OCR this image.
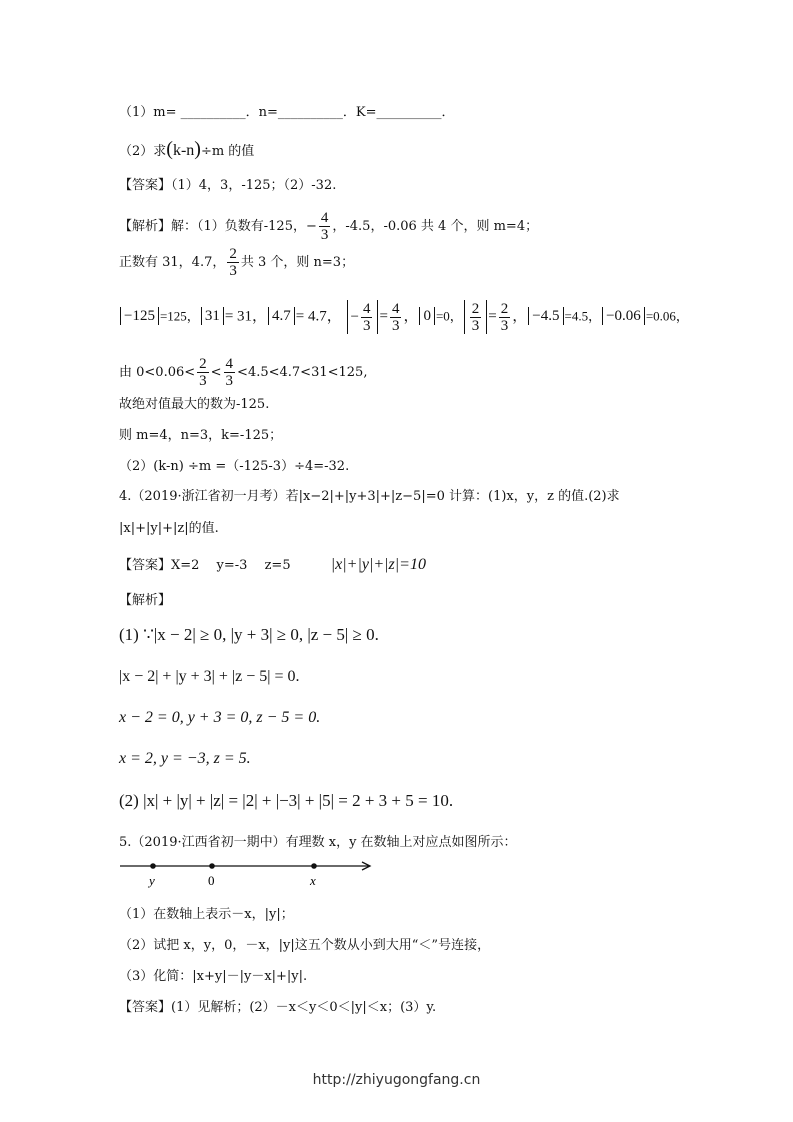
（1）m= __________．n=__________．K=__________．
（2）求(k-n)÷m 的值
【答案】（1）4，3，-125；（2）-32.
【解析】解：（1）负数有-125，− $\frac{4}{3}$ ，-4.5，-0.06 共 4 个，则 m=4；
正数有 31，4.7， $\frac{2}{3}$ 共 3 个，则 n=3；
−125 =125， 31 = 31， 4.7 = 4.7， − $\frac{4}{3} = \frac{4}{3}$ ， 0 =0， $\frac{2}{3} = \frac{2}{3}$ ， −4.5 =4.5， −0.06 =0.06，
由 $0<0.06< \frac{2}{3} < \frac{4}{3} <4.5<4.7<31<125$,
故绝对值最大的数为-125.
则 m=4，n=3，k=-125；
（2）(k-n) ÷m =（-125-3）÷4=-32.
4.（2019·浙江省初一月考）若|x−2|+|y+3|+|z−5|=0 计算：(1)x，y，z 的值.(2)求
|x|+|y|+|z|的值.
【答案】X=2　 y=-3　 z=5	|x|+|y|+|z|=10
【解析】
(1) ∵|x − 2| ≥ 0, |y + 3| ≥ 0, |z − 5| ≥ 0.
|x − 2| + |y + 3| + |z − 5| = 0.
x − 2 = 0, y + 3 = 0, z − 5 = 0.
x = 2, y = −3, z = 5.
(2) |x| + |y| + |z| = |2| + |−3| + |5| = 2 + 3 + 5 = 10.
5.（2019·江西省初一期中）有理数 x，y 在数轴上对应点如图所示：
y	0	x
（1）在数轴上表示－x，|y|；
（2）试把 x，y，0，－x，|y|这五个数从小到大用“＜”号连接，
（3）化简：|x+y|－|y－x|+|y|.
【答案】(1）见解析；(2）－x＜y＜0＜|y|＜x；(3）y.
http://zhiyugongfang.cn
